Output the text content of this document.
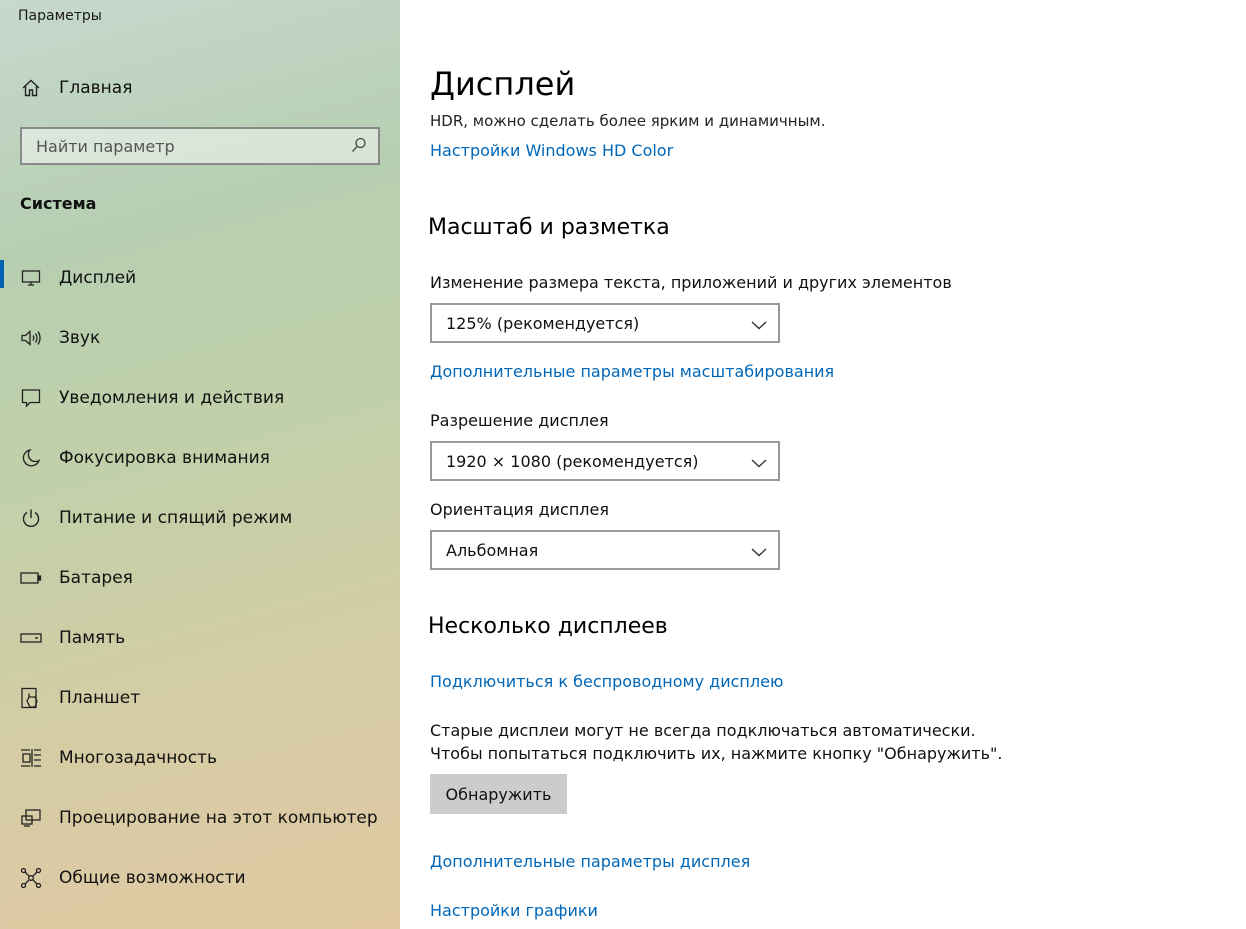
Параметры
Главная
Найти параметр
Система
Дисплей
Звук
Уведомления и действия
Фокусировка внимания
Питание и спящий режим
Батарея
Память
Планшет
Многозадачность
Проецирование на этот компьютер
Общие возможности
Дисплей
HDR, можно сделать более ярким и динамичным.
Настройки Windows HD Color
Масштаб и разметка
Изменение размера текста, приложений и других элементов
125% (рекомендуется)
Дополнительные параметры масштабирования
Разрешение дисплея
1920 × 1080 (рекомендуется)
Ориентация дисплея
Альбомная
Несколько дисплеев
Подключиться к беспроводному дисплею
Старые дисплеи могут не всегда подключаться автоматически.
Чтобы попытаться подключить их, нажмите кнопку "Обнаружить".
Обнаружить
Дополнительные параметры дисплея
Настройки графики
